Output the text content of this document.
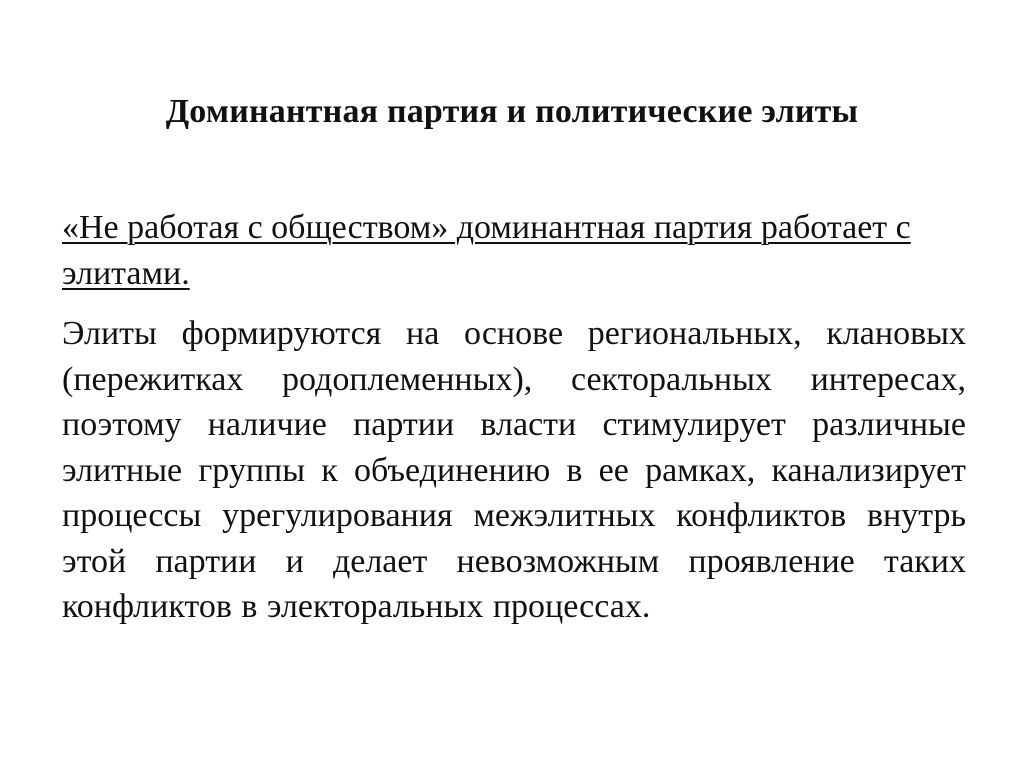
Доминантная партия и политические элиты
«Не работая с обществом» доминантная партия работает с элитами.
Элиты формируются на основе региональных, клановых (пережитках родоплеменных), секторальных интересах, поэтому наличие партии власти стимулирует различные элитные группы к объединению в ее рамках, канализирует процессы урегулирования межэлитных конфликтов внутрь этой партии и делает невозможным проявление таких конфликтов в электоральных процессах.
